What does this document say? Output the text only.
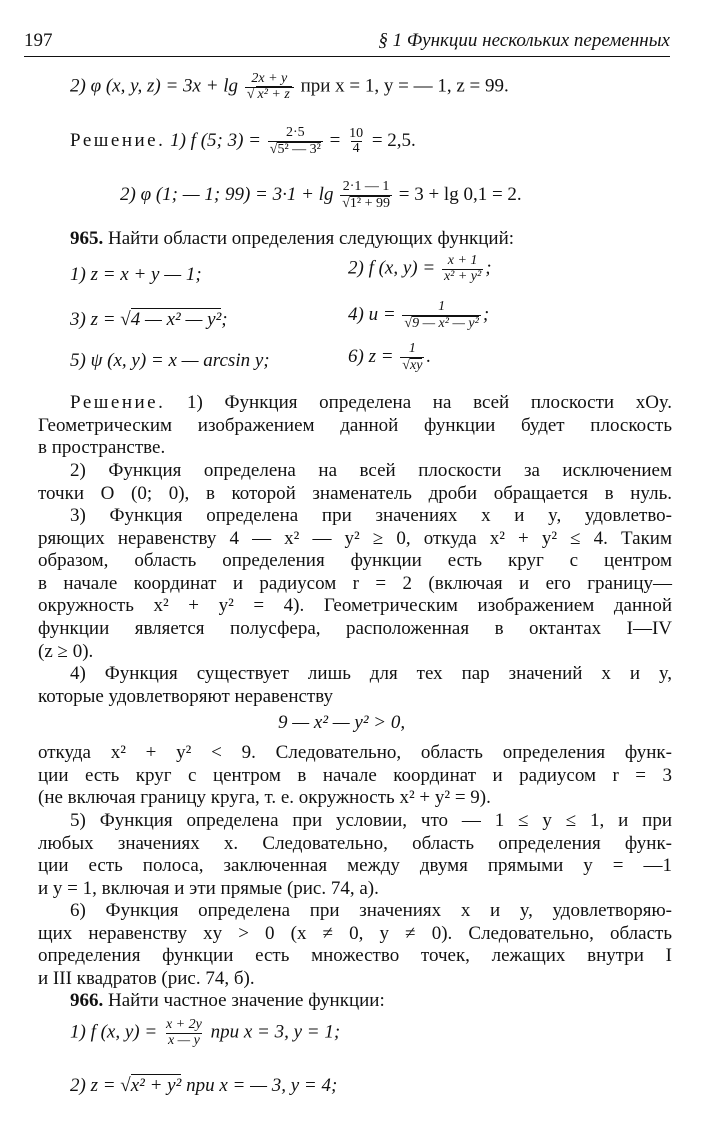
197	§ 1 Функции нескольких переменных
2) φ (x, y, $z) = 3x + \lg \frac{2x + y}{\text{√ x² + z}}$ при x = 1, y = — 1, z = 99.
Решение. 1) f (5; $3) = \frac{2\cdot 5}{\text{√5² — 3²}} = \frac{10}{4} = 2,5$.
2) φ (1; — 1; $99) = 3\cdot 1 + \lg \frac{2\cdot 1 — 1}{\text{√1² + 99}} = 3 + \lg 0,1 = 2$.
965. Найти области определения следующих функций:
1) z = x + y — 1;	2) f (x, $y) = \frac{x + 1}{\text{x² + y²}}$ ;
3) z = √4 — x² — y²;	4) $u = \frac{1}{\text{√9 — x² — y²}}$ ;
5) ψ (x, y) = x — arcsin y;	6) $z = \frac{1}{√xy}$ .
Решение. 1) Функция определена на всей плоскости xOy.
Геометрическим изображением данной функции будет плоскость
в пространстве.
2) Функция определена на всей плоскости за исключением
точки O (0; 0), в которой знаменатель дроби обращается в нуль.
3) Функция определена при значениях x и y, удовлетво-
ряющих неравенству 4 — x² — y² ≥ 0, откуда x² + y² ≤ 4. Таким
образом, область определения функции есть круг с центром
в начале координат и радиусом r = 2 (включая и его границу—
окружность x² + y² = 4). Геометрическим изображением данной
функции является полусфера, расположенная в октантах I—IV
(z ≥ 0).
4) Функция существует лишь для тех пар значений x и y,
которые удовлетворяют неравенству
9 — x² — y² > 0,
откуда x² + y² < 9. Следовательно, область определения функ-
ции есть круг с центром в начале координат и радиусом r = 3
(не включая границу круга, т. е. окружность x² + y² = 9).
5) Функция определена при условии, что — 1 ≤ y ≤ 1, и при
любых значениях x. Следовательно, область определения функ-
ции есть полоса, заключенная между двумя прямыми y = —1
и y = 1, включая и эти прямые (рис. 74, a).
6) Функция определена при значениях x и y, удовлетворяю-
щих неравенству xy > 0 (x ≠ 0, y ≠ 0). Следовательно, область
определения функции есть множество точек, лежащих внутри I
и III квадратов (рис. 74, б).
966. Найти частное значение функции:
1) f (x, $y) = \frac{x + 2y}{x — y}$ при x = 3, y = 1;
2) z = √x² + y² при x = — 3, y = 4;
